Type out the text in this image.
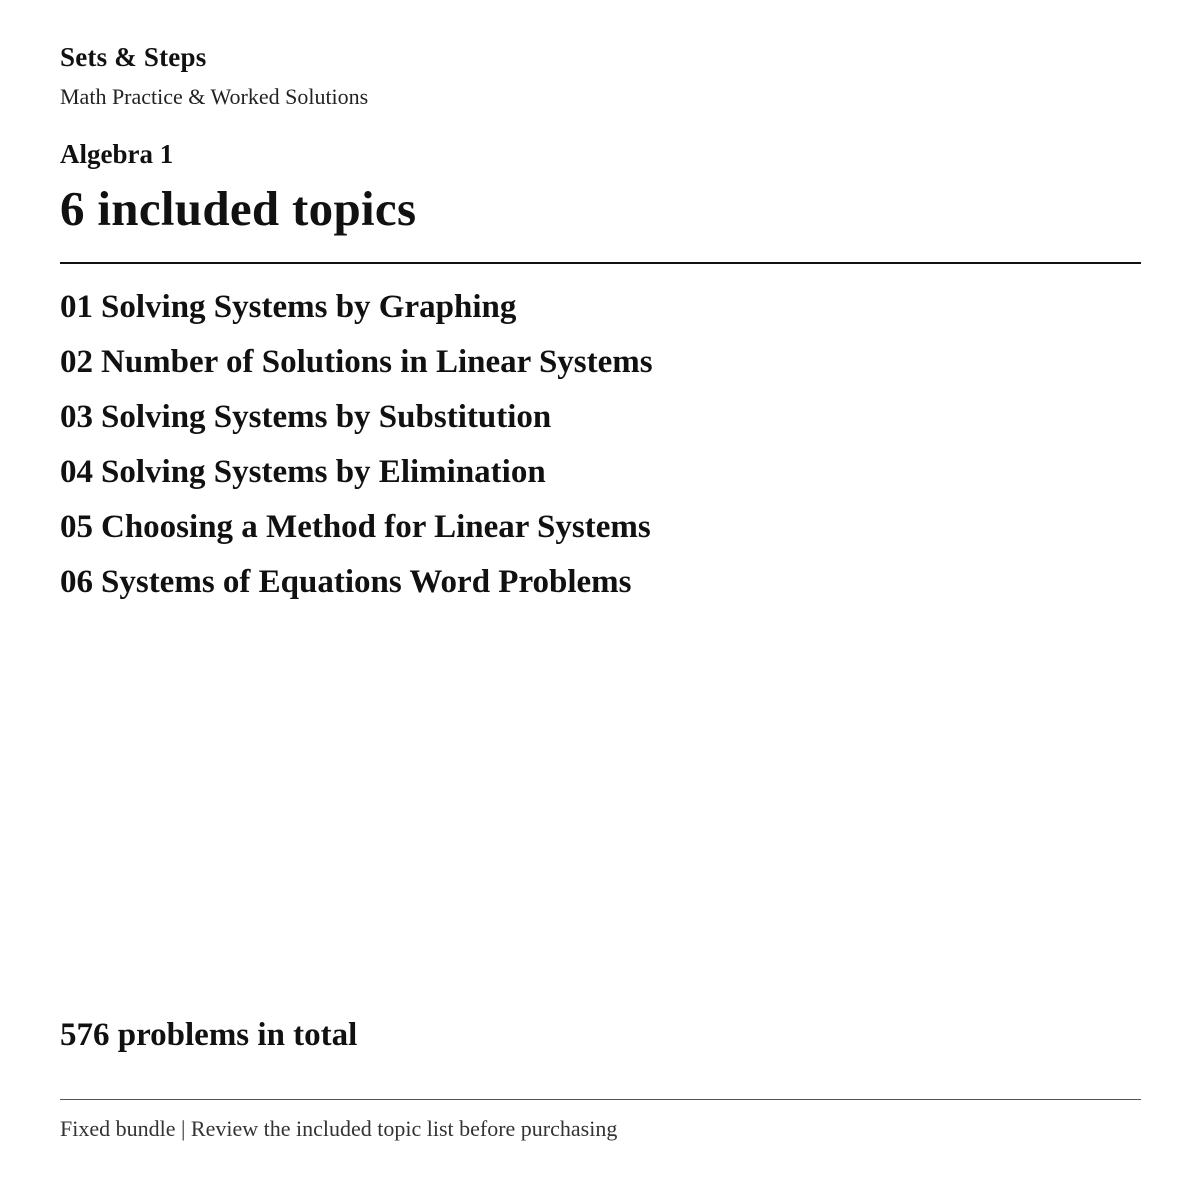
Sets & Steps
Math Practice & Worked Solutions
Algebra 1
6 included topics
01 Solving Systems by Graphing
02 Number of Solutions in Linear Systems
03 Solving Systems by Substitution
04 Solving Systems by Elimination
05 Choosing a Method for Linear Systems
06 Systems of Equations Word Problems
576 problems in total
Fixed bundle | Review the included topic list before purchasing
